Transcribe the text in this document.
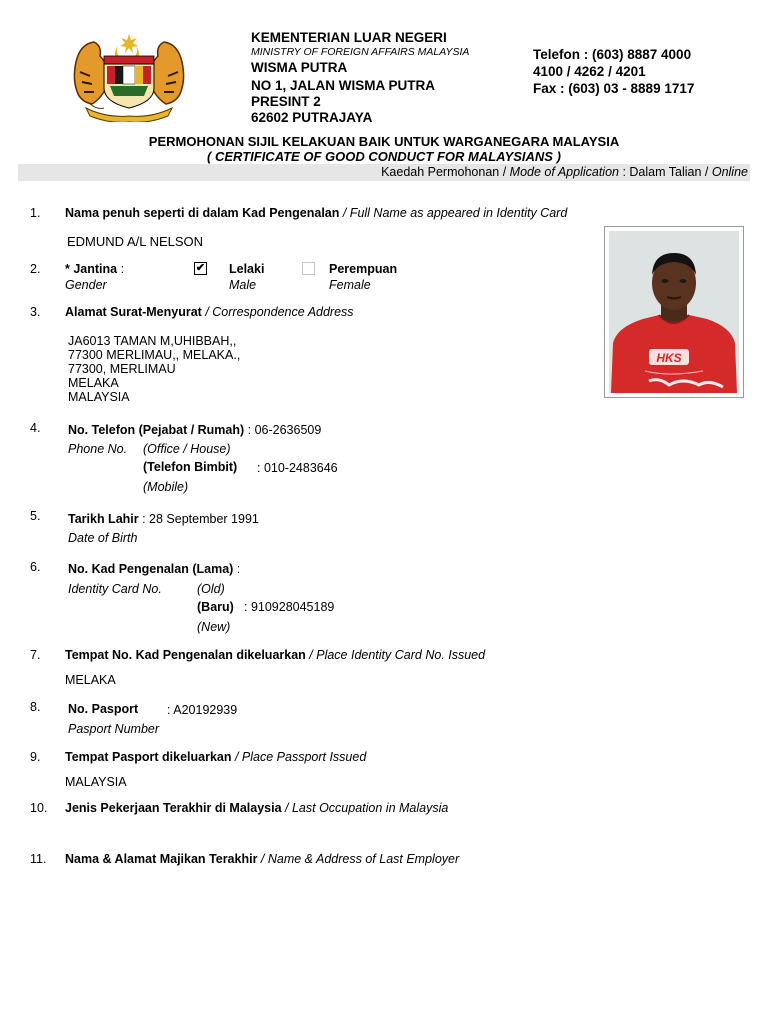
KEMENTERIAN LUAR NEGERI
MINISTRY OF FOREIGN AFFAIRS MALAYSIA
WISMA PUTRA
NO 1, JALAN WISMA PUTRA
PRESINT 2
62602 PUTRAJAYA
Telefon : (603) 8887 4000
4100 / 4262 / 4201
Fax : (603) 03 - 8889 1717
PERMOHONAN SIJIL KELAKUAN BAIK UNTUK WARGANEGARA MALAYSIA
( CERTIFICATE OF GOOD CONDUCT FOR MALAYSIANS )
Kaedah Permohonan / Mode of Application : Dalam Talian / Online
1. Nama penuh seperti di dalam Kad Pengenalan / Full Name as appeared in Identity Card
EDMUND A/L NELSON
2. * Jantina :
Gender
✔ Lelaki
Male
Perempuan
Female
3. Alamat Surat-Menyurat / Correspondence Address
JA6013 TAMAN M,UHIBBAH,,
77300 MERLIMAU,, MELAKA.,
77300, MERLIMAU
MELAKA
MALAYSIA
HKS
4. No. Telefon (Pejabat / Rumah) : 06-2636509
Phone No. (Office / House)
(Telefon Bimbit) : 010-2483646
(Mobile)
5. Tarikh Lahir : 28 September 1991
Date of Birth
6. No. Kad Pengenalan (Lama) :
Identity Card No.	(Old)
(Baru) : 910928045189
(New)
7. Tempat No. Kad Pengenalan dikeluarkan / Place Identity Card No. Issued
MELAKA
8. No. Pasport : A20192939
Pasport Number
9. Tempat Pasport dikeluarkan / Place Passport Issued
MALAYSIA
10. Jenis Pekerjaan Terakhir di Malaysia / Last Occupation in Malaysia
11. Nama & Alamat Majikan Terakhir / Name & Address of Last Employer
